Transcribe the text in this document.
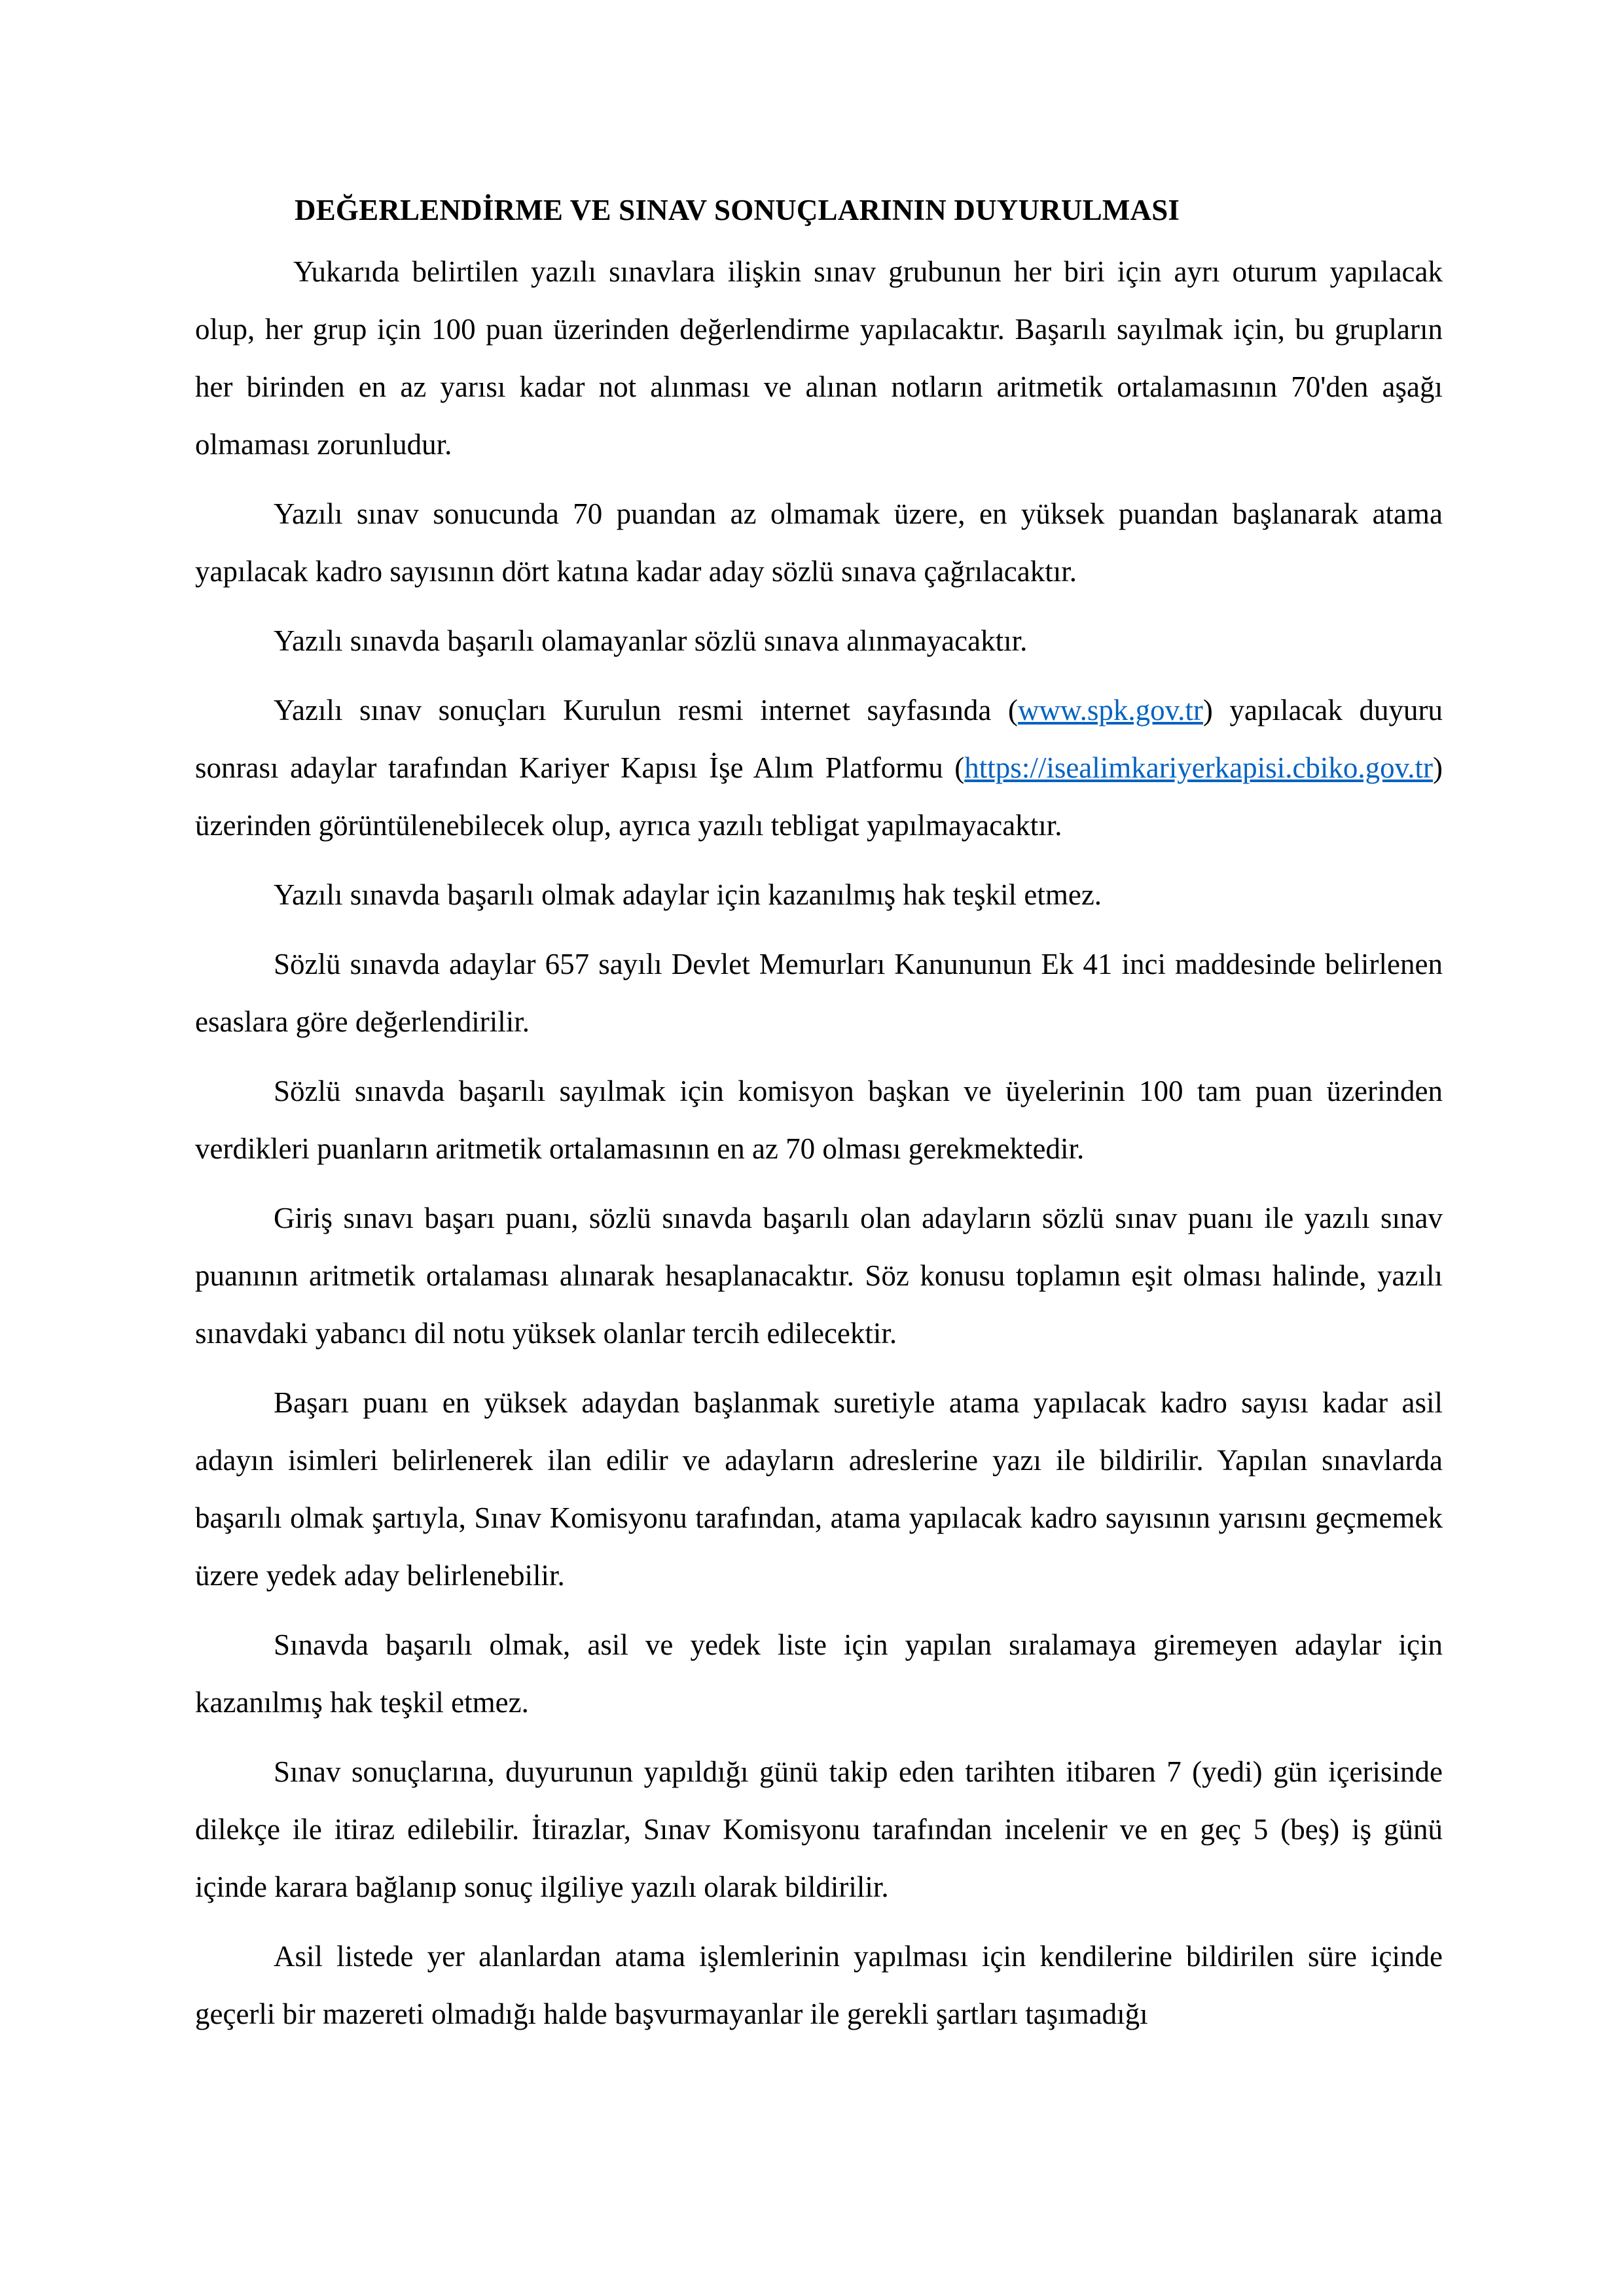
DEĞERLENDİRME VE SINAV SONUÇLARININ DUYURULMASI

Yukarıda belirtilen yazılı sınavlara ilişkin sınav grubunun her biri için ayrı oturum yapılacak olup, her grup için 100 puan üzerinden değerlendirme yapılacaktır. Başarılı sayılmak için, bu grupların her birinden en az yarısı kadar not alınması ve alınan notların aritmetik ortalamasının 70'den aşağı olmaması zorunludur.

Yazılı sınav sonucunda 70 puandan az olmamak üzere, en yüksek puandan başlanarak atama yapılacak kadro sayısının dört katına kadar aday sözlü sınava çağrılacaktır.

Yazılı sınavda başarılı olamayanlar sözlü sınava alınmayacaktır.

Yazılı sınav sonuçları Kurulun resmi internet sayfasında (www.spk.gov.tr) yapılacak duyuru sonrası adaylar tarafından Kariyer Kapısı İşe Alım Platformu (https://isealimkariyerkapisi.cbiko.gov.tr) üzerinden görüntülenebilecek olup, ayrıca yazılı tebligat yapılmayacaktır.

Yazılı sınavda başarılı olmak adaylar için kazanılmış hak teşkil etmez.

Sözlü sınavda adaylar 657 sayılı Devlet Memurları Kanununun Ek 41 inci maddesinde belirlenen esaslara göre değerlendirilir.

Sözlü sınavda başarılı sayılmak için komisyon başkan ve üyelerinin 100 tam puan üzerinden verdikleri puanların aritmetik ortalamasının en az 70 olması gerekmektedir.

Giriş sınavı başarı puanı, sözlü sınavda başarılı olan adayların sözlü sınav puanı ile yazılı sınav puanının aritmetik ortalaması alınarak hesaplanacaktır. Söz konusu toplamın eşit olması halinde, yazılı sınavdaki yabancı dil notu yüksek olanlar tercih edilecektir.

Başarı puanı en yüksek adaydan başlanmak suretiyle atama yapılacak kadro sayısı kadar asil adayın isimleri belirlenerek ilan edilir ve adayların adreslerine yazı ile bildirilir. Yapılan sınavlarda başarılı olmak şartıyla, Sınav Komisyonu tarafından, atama yapılacak kadro sayısının yarısını geçmemek üzere yedek aday belirlenebilir.

Sınavda başarılı olmak, asil ve yedek liste için yapılan sıralamaya giremeyen adaylar için kazanılmış hak teşkil etmez.

Sınav sonuçlarına, duyurunun yapıldığı günü takip eden tarihten itibaren 7 (yedi) gün içerisinde dilekçe ile itiraz edilebilir. İtirazlar, Sınav Komisyonu tarafından incelenir ve en geç 5 (beş) iş günü içinde karara bağlanıp sonuç ilgiliye yazılı olarak bildirilir.

Asil listede yer alanlardan atama işlemlerinin yapılması için kendilerine bildirilen süre içinde geçerli bir mazereti olmadığı halde başvurmayanlar ile gerekli şartları taşımadığı
